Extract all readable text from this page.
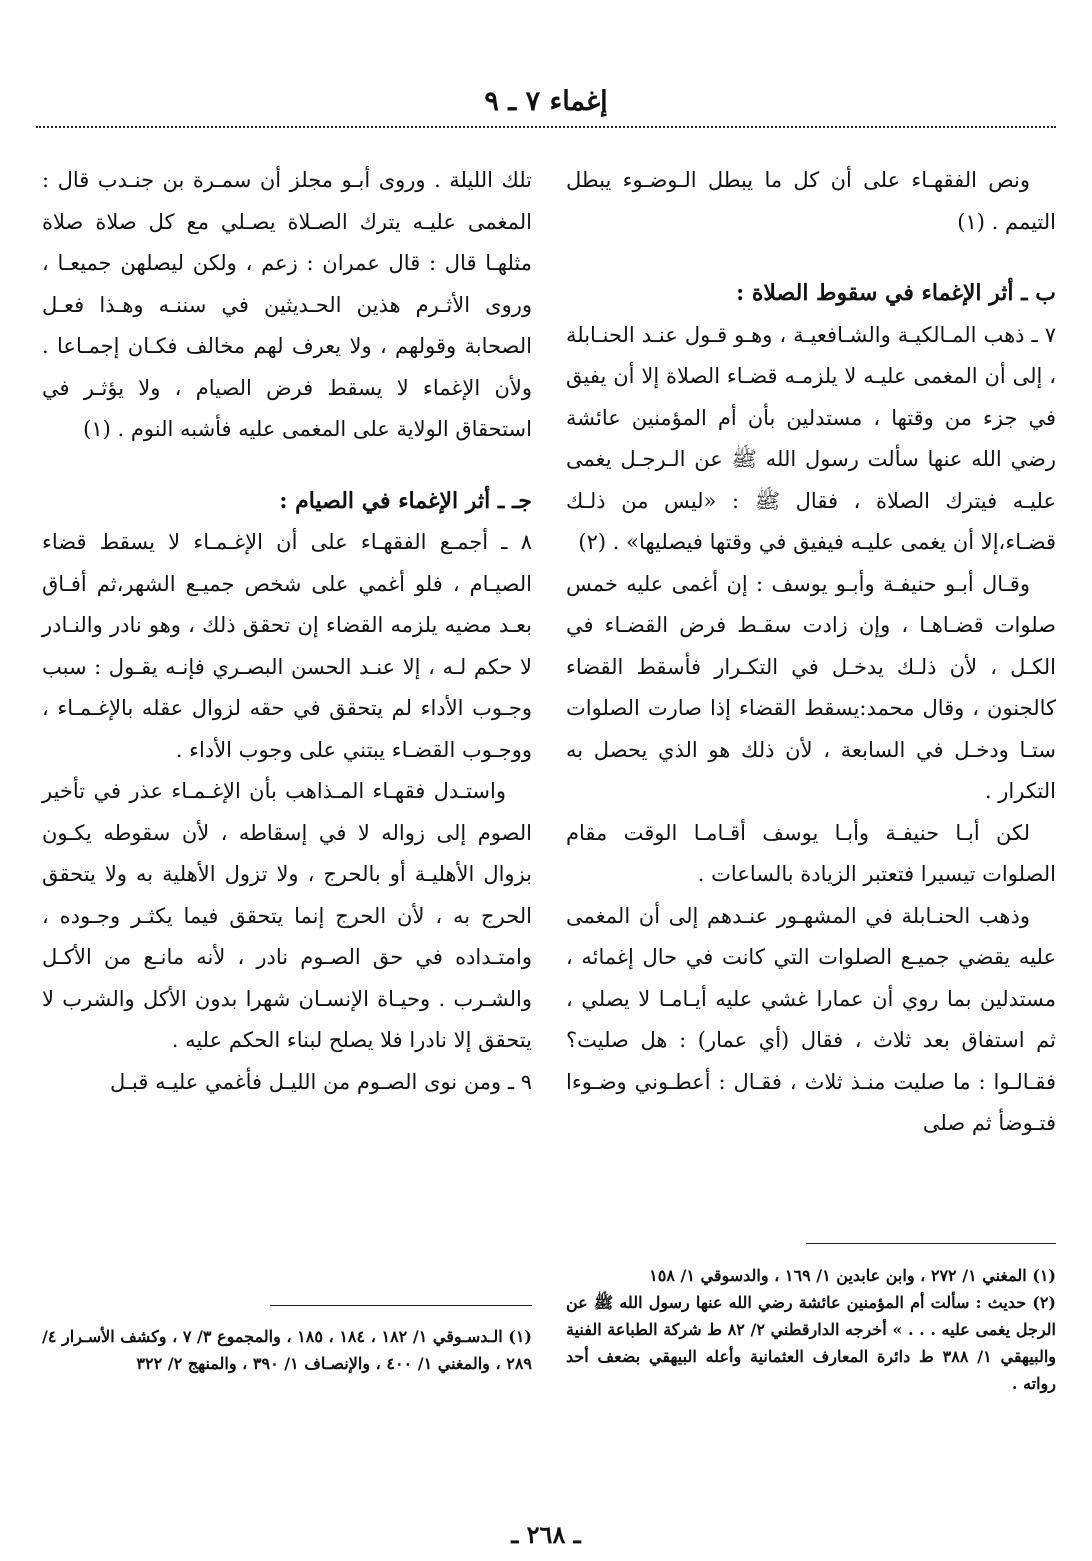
إغماء ٧ ـ ٩

ونص الفقهـاء على أن كل ما يبطل الـوضـوء يبطل التيمم . (١)

ب ـ أثر الإغماء في سقوط الصلاة :

٧ ـ ذهب المـالكيـة والشـافعيـة ، وهـو قـول عنـد الحنـابلة ، إلى أن المغمى عليـه لا يلزمـه قضـاء الصلاة إلا أن يفيق في جزء من وقتها ، مستدلين بأن أم المؤمنين عائشة رضي الله عنها سألت رسول الله ﷺ عن الـرجـل يغمى عليـه فيترك الصلاة ، فقال ﷺ : «ليس من ذلـك قضـاء،إلا أن يغمى عليـه فيفيق في وقتها فيصليها» . (٢)

وقـال أبـو حنيفـة وأبـو يوسف : إن أغمى عليه خمس صلوات قضـاهـا ، وإن زادت سقـط فرض القضـاء في الكـل ، لأن ذلـك يدخـل في التكـرار فأسقط القضاء كالجنون ، وقال محمد:يسقط القضاء إذا صارت الصلوات ستـا ودخـل في السابعة ، لأن ذلك هو الذي يحصل به التكرار .

لكن أبـا حنيفـة وأبـا يوسف أقـامـا الوقت مقام الصلوات تيسيرا فتعتبر الزيادة بالساعات .

وذهب الحنـابلة في المشهـور عنـدهم إلى أن المغمى عليه يقضي جميـع الصلوات التي كانت في حال إغمائه ، مستدلين بما روي أن عمارا غشي عليه أيـامـا لا يصلي ، ثم استفاق بعد ثلاث ، فقال (أي عمار) : هل صليت؟ فقـالـوا : ما صليت منـذ ثلاث ، فقـال : أعطـوني وضـوءا فتـوضأ ثم صلى

تلك الليلة . وروى أبـو مجلز أن سمـرة بن جنـدب قال : المغمى عليـه يترك الصـلاة يصـلي مع كل صلاة صلاة مثلهـا قال : قال عمران : زعم ، ولكن ليصلهن جميعـا ، وروى الأثـرم هذين الحـديثين في سننـه وهـذا فعـل الصحابة وقولهم ، ولا يعرف لهم مخالف فكـان إجمـاعا . ولأن الإغماء لا يسقط فرض الصيام ، ولا يؤثـر في استحقاق الولاية على المغمى عليه فأشبه النوم . (١)

جـ ـ أثر الإغماء في الصيام :

٨ ـ أجمـع الفقهـاء على أن الإغـمـاء لا يسقط قضاء الصيـام ، فلو أغمي على شخص جميـع الشهر،ثم أفـاق بعـد مضيه يلزمه القضاء إن تحقق ذلك ، وهو نادر والنـادر لا حكم لـه ، إلا عنـد الحسن البصـري فإنـه يقـول : سبب وجـوب الأداء لم يتحقق في حقه لزوال عقله بالإغـمـاء ، ووجـوب القضـاء يبتني على وجوب الأداء .

واستـدل فقهـاء المـذاهب بأن الإغـمـاء عذر في تأخير الصوم إلى زواله لا في إسقاطه ، لأن سقوطه يكـون بزوال الأهليـة أو بالحرج ، ولا تزول الأهلية به ولا يتحقق الحرج به ، لأن الحرج إنما يتحقق فيما يكثـر وجـوده ، وامتـداده في حق الصـوم نادر ، لأنه مانـع من الأكـل والشـرب . وحيـاة الإنسـان شهرا بدون الأكل والشرب لا يتحقق إلا نادرا فلا يصلح لبناء الحكم عليه .

٩ ـ ومن نوى الصـوم من الليـل فأغمي عليـه قبـل

(١) المغني ١/ ٢٧٢ ، وابن عابدين ١/ ١٦٩ ، والدسوقي ١/ ١٥٨

(٢) حديث : سألت أم المؤمنين عائشة رضي الله عنها رسول الله ﷺ عن الرجل يغمى عليه . . . » أخرجه الدارقطني ٢/ ٨٢ ط شركة الطباعة الفنية والبيهقي ١/ ٣٨٨ ط دائرة المعارف العثمانية وأعله البيهقي بضعف أحد رواته .

(١) الـدسـوقي ١/ ١٨٢ ، ١٨٤ ، ١٨٥ ، والمجموع ٣/ ٧ ، وكشف الأسـرار ٤/ ٢٨٩ ، والمغني ١/ ٤٠٠ ، والإنصـاف ١/ ٣٩٠ ، والمنهج ٢/ ٣٢٢

ـ ٢٦٨ ـ
